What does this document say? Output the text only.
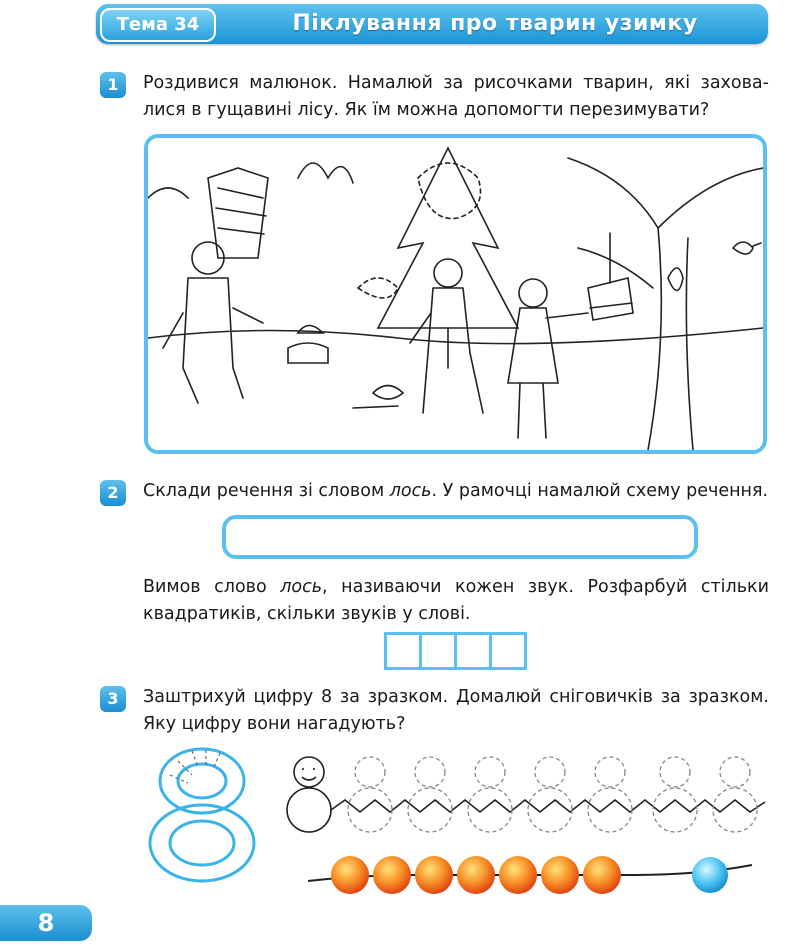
Тема 34	Піклування про тварин узимку
1	Роздивися малюнок. Намалюй за рисочками тварин, які заховалися в гущавині лісу. Як їм можна допомогти перезимувати?
2	Склади речення зі словом лось. У рамочці намалюй схему речення.
Вимов слово лось, називаючи кожен звук. Розфарбуй стільки квадратиків, скільки звуків у слові.
3	Заштрихуй цифру 8 за зразком. Домалюй сніговичків за зразком. Яку цифру вони нагадують?
8
